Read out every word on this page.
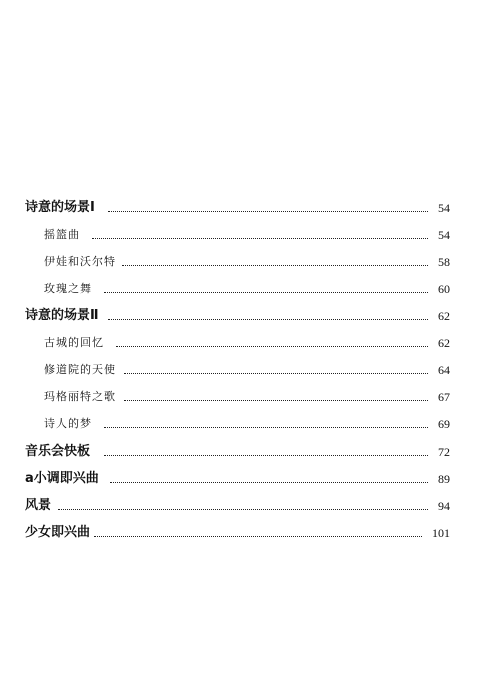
诗意的场景Ⅰ	54
摇篮曲	54
伊娃和沃尔特	58
玫瑰之舞	60
诗意的场景Ⅱ	62
古城的回忆	62
修道院的天使	64
玛格丽特之歌	67
诗人的梦	69
音乐会快板	72
a小调即兴曲	89
风景	94
少女即兴曲	101
